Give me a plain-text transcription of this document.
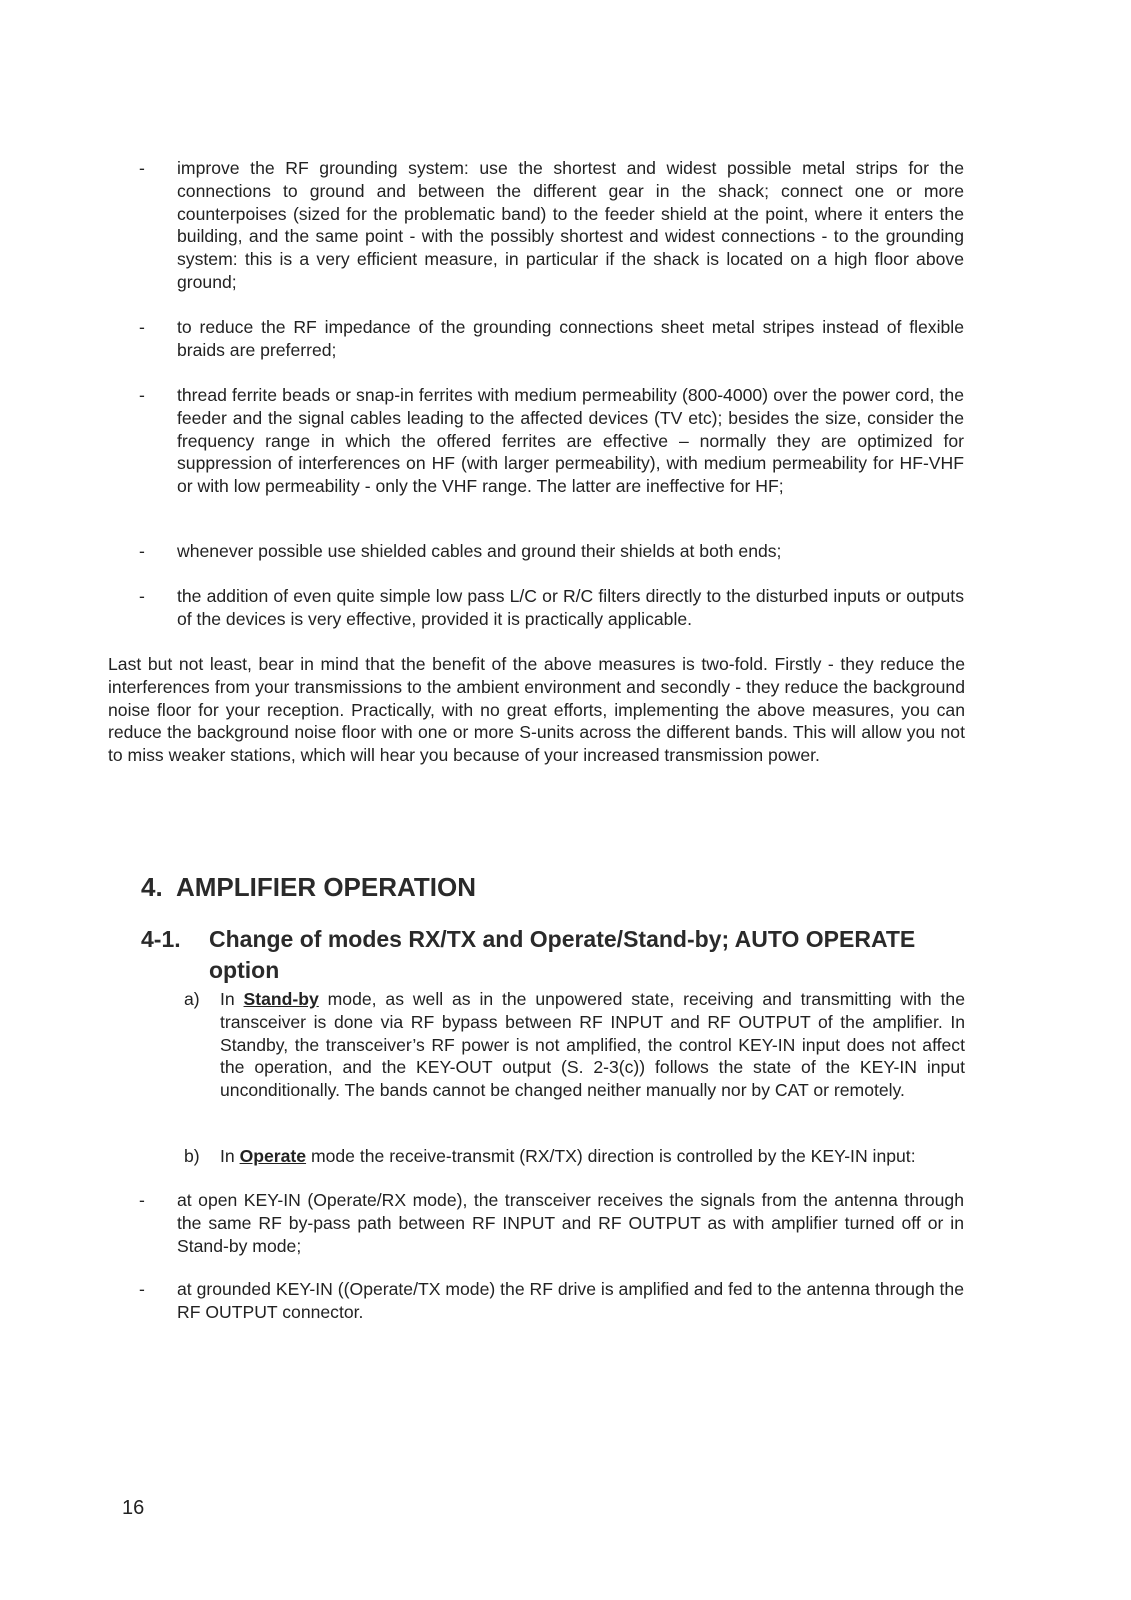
-	improve the RF grounding system: use the shortest and widest possible metal strips for the connections to ground and between the different gear in the shack; connect one or more counterpoises (sized for the problematic band) to the feeder shield at the point, where it enters the building, and the same point - with the possibly shortest and widest connections - to the grounding system: this is a very efficient measure, in particular if the shack is located on a high floor above ground;
-	to reduce the RF impedance of the grounding connections sheet metal stripes instead of flexible braids are preferred;
-	thread ferrite beads or snap-in ferrites with medium permeability (800-4000) over the power cord, the feeder and the signal cables leading to the affected devices (TV etc); besides the size, consider the frequency range in which the offered ferrites are effective – normally they are optimized for suppression of interferences on HF (with larger permeability), with medium permeability for HF-VHF or with low permeability - only the VHF range. The latter are ineffective for HF;
-	whenever possible use shielded cables and ground their shields at both ends;
-	the addition of even quite simple low pass L/C or R/C filters directly to the disturbed inputs or outputs of the devices is very effective, provided it is practically applicable.
Last but not least, bear in mind that the benefit of the above measures is two-fold. Firstly - they reduce the interferences from your transmissions to the ambient environment and secondly - they reduce the background noise floor for your reception. Practically, with no great efforts, implementing the above measures, you can reduce the background noise floor with one or more S-units across the different bands. This will allow you not to miss weaker stations, which will hear you because of your increased transmission power.
4. AMPLIFIER OPERATION
4-1. Change of modes RX/TX and Operate/Stand-by; AUTO OPERATE option
a)	In Stand-by mode, as well as in the unpowered state, receiving and transmitting with the transceiver is done via RF bypass between RF INPUT and RF OUTPUT of the amplifier. In Standby, the transceiver’s RF power is not amplified, the control KEY-IN input does not affect the operation, and the KEY-OUT output (S. 2-3(c)) follows the state of the KEY-IN input unconditionally. The bands cannot be changed neither manually nor by CAT or remotely.
b)	In Operate mode the receive-transmit (RX/TX) direction is controlled by the KEY-IN input:
-	at open KEY-IN (Operate/RX mode), the transceiver receives the signals from the antenna through the same RF by-pass path between RF INPUT and RF OUTPUT as with amplifier turned off or in Stand-by mode;
-	at grounded KEY-IN ((Operate/TX mode) the RF drive is amplified and fed to the antenna through the RF OUTPUT connector.
16
